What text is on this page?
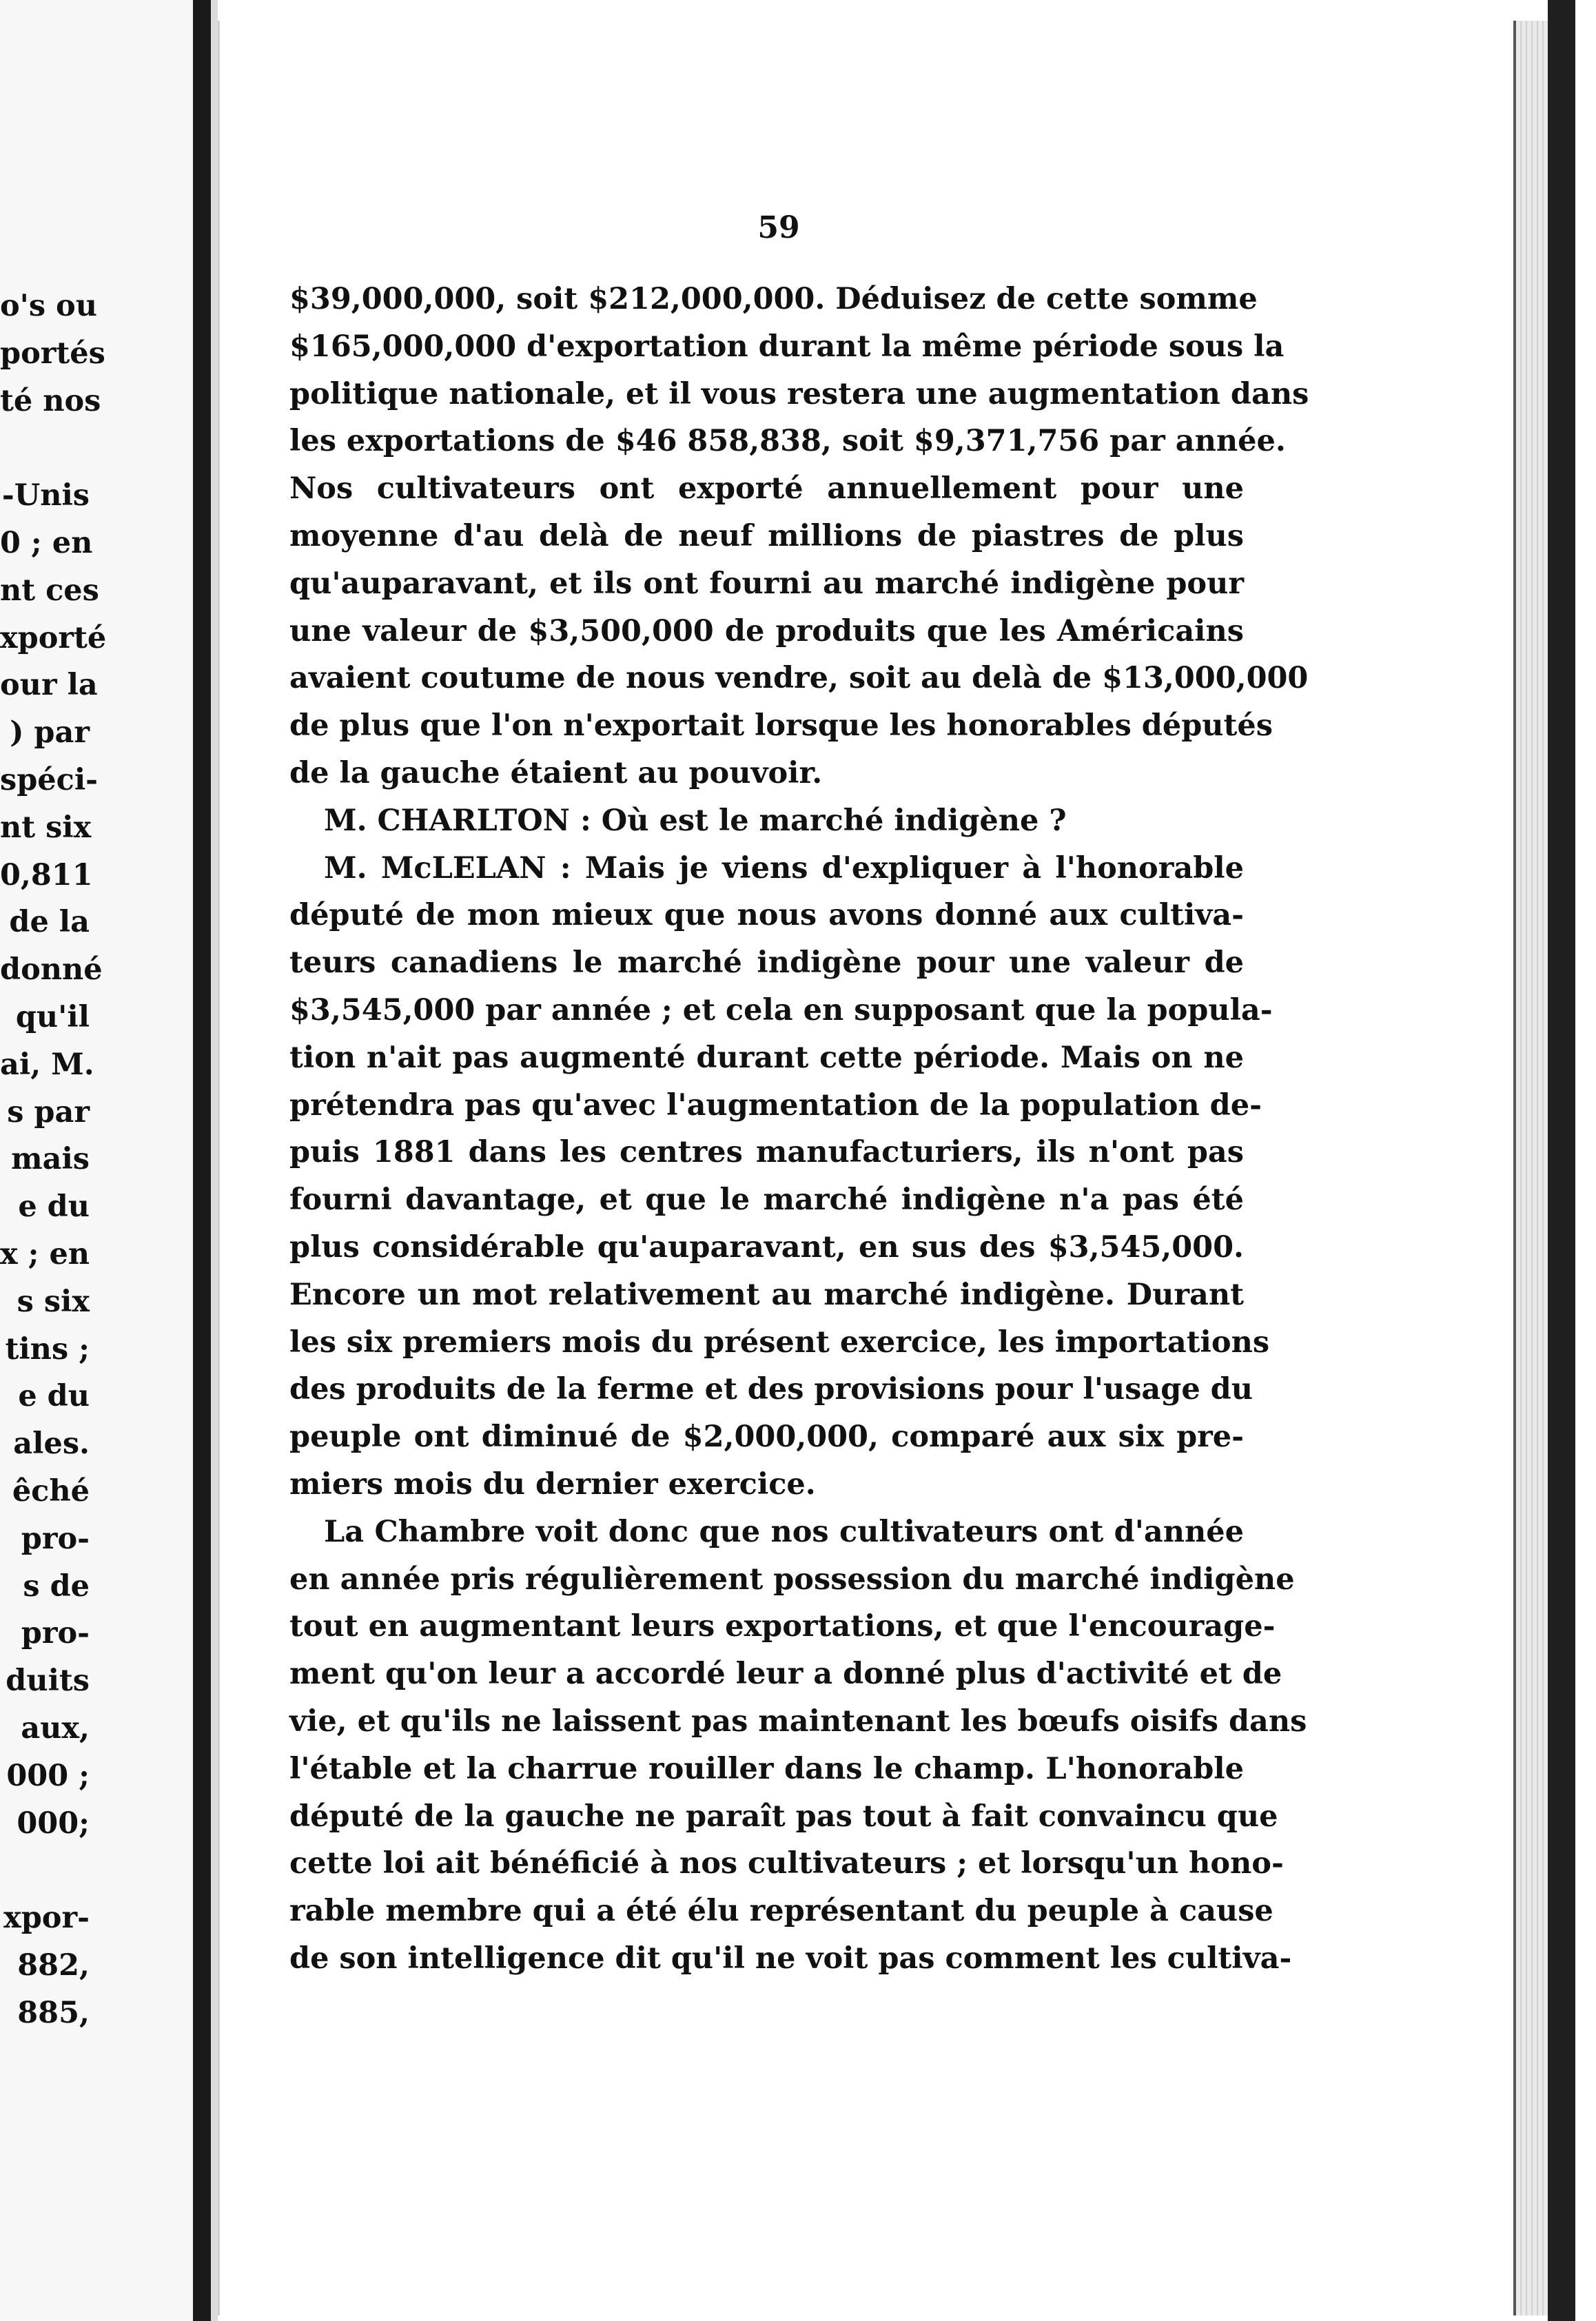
o's ou
portés
té nos

-Unis
0 ; en
nt ces
xporté
our la
) par
spéci-
nt six
0,811
de la
donné
qu'il
ai, M.
s par
mais
e du
x ; en
s six
tins ;
e du
ales.
êché
pro-
s de
pro-
duits
aux,
000 ;
000;

xpor-
882,
885,
59
$39,000,000, soit $212,000,000. Déduisez de cette somme
$165,000,000 d'exportation durant la même période sous la
politique nationale, et il vous restera une augmentation dans
les exportations de $46 858,838, soit $9,371,756 par année.
Nos cultivateurs ont exporté annuellement pour une
moyenne d'au delà de neuf millions de piastres de plus
qu'auparavant, et ils ont fourni au marché indigène pour
une valeur de $3,500,000 de produits que les Américains
avaient coutume de nous vendre, soit au delà de $13,000,000
de plus que l'on n'exportait lorsque les honorables députés
de la gauche étaient au pouvoir.
M. CHARLTON : Où est le marché indigène ?
M. McLELAN : Mais je viens d'expliquer à l'honorable
député de mon mieux que nous avons donné aux cultiva-
teurs canadiens le marché indigène pour une valeur de
$3,545,000 par année ; et cela en supposant que la popula-
tion n'ait pas augmenté durant cette période. Mais on ne
prétendra pas qu'avec l'augmentation de la population de-
puis 1881 dans les centres manufacturiers, ils n'ont pas
fourni davantage, et que le marché indigène n'a pas été
plus considérable qu'auparavant, en sus des $3,545,000.
Encore un mot relativement au marché indigène. Durant
les six premiers mois du présent exercice, les importations
des produits de la ferme et des provisions pour l'usage du
peuple ont diminué de $2,000,000, comparé aux six pre-
miers mois du dernier exercice.
La Chambre voit donc que nos cultivateurs ont d'année
en année pris régulièrement possession du marché indigène
tout en augmentant leurs exportations, et que l'encourage-
ment qu'on leur a accordé leur a donné plus d'activité et de
vie, et qu'ils ne laissent pas maintenant les bœufs oisifs dans
l'étable et la charrue rouiller dans le champ. L'honorable
député de la gauche ne paraît pas tout à fait convaincu que
cette loi ait bénéficié à nos cultivateurs ; et lorsqu'un hono-
rable membre qui a été élu représentant du peuple à cause
de son intelligence dit qu'il ne voit pas comment les cultiva-
